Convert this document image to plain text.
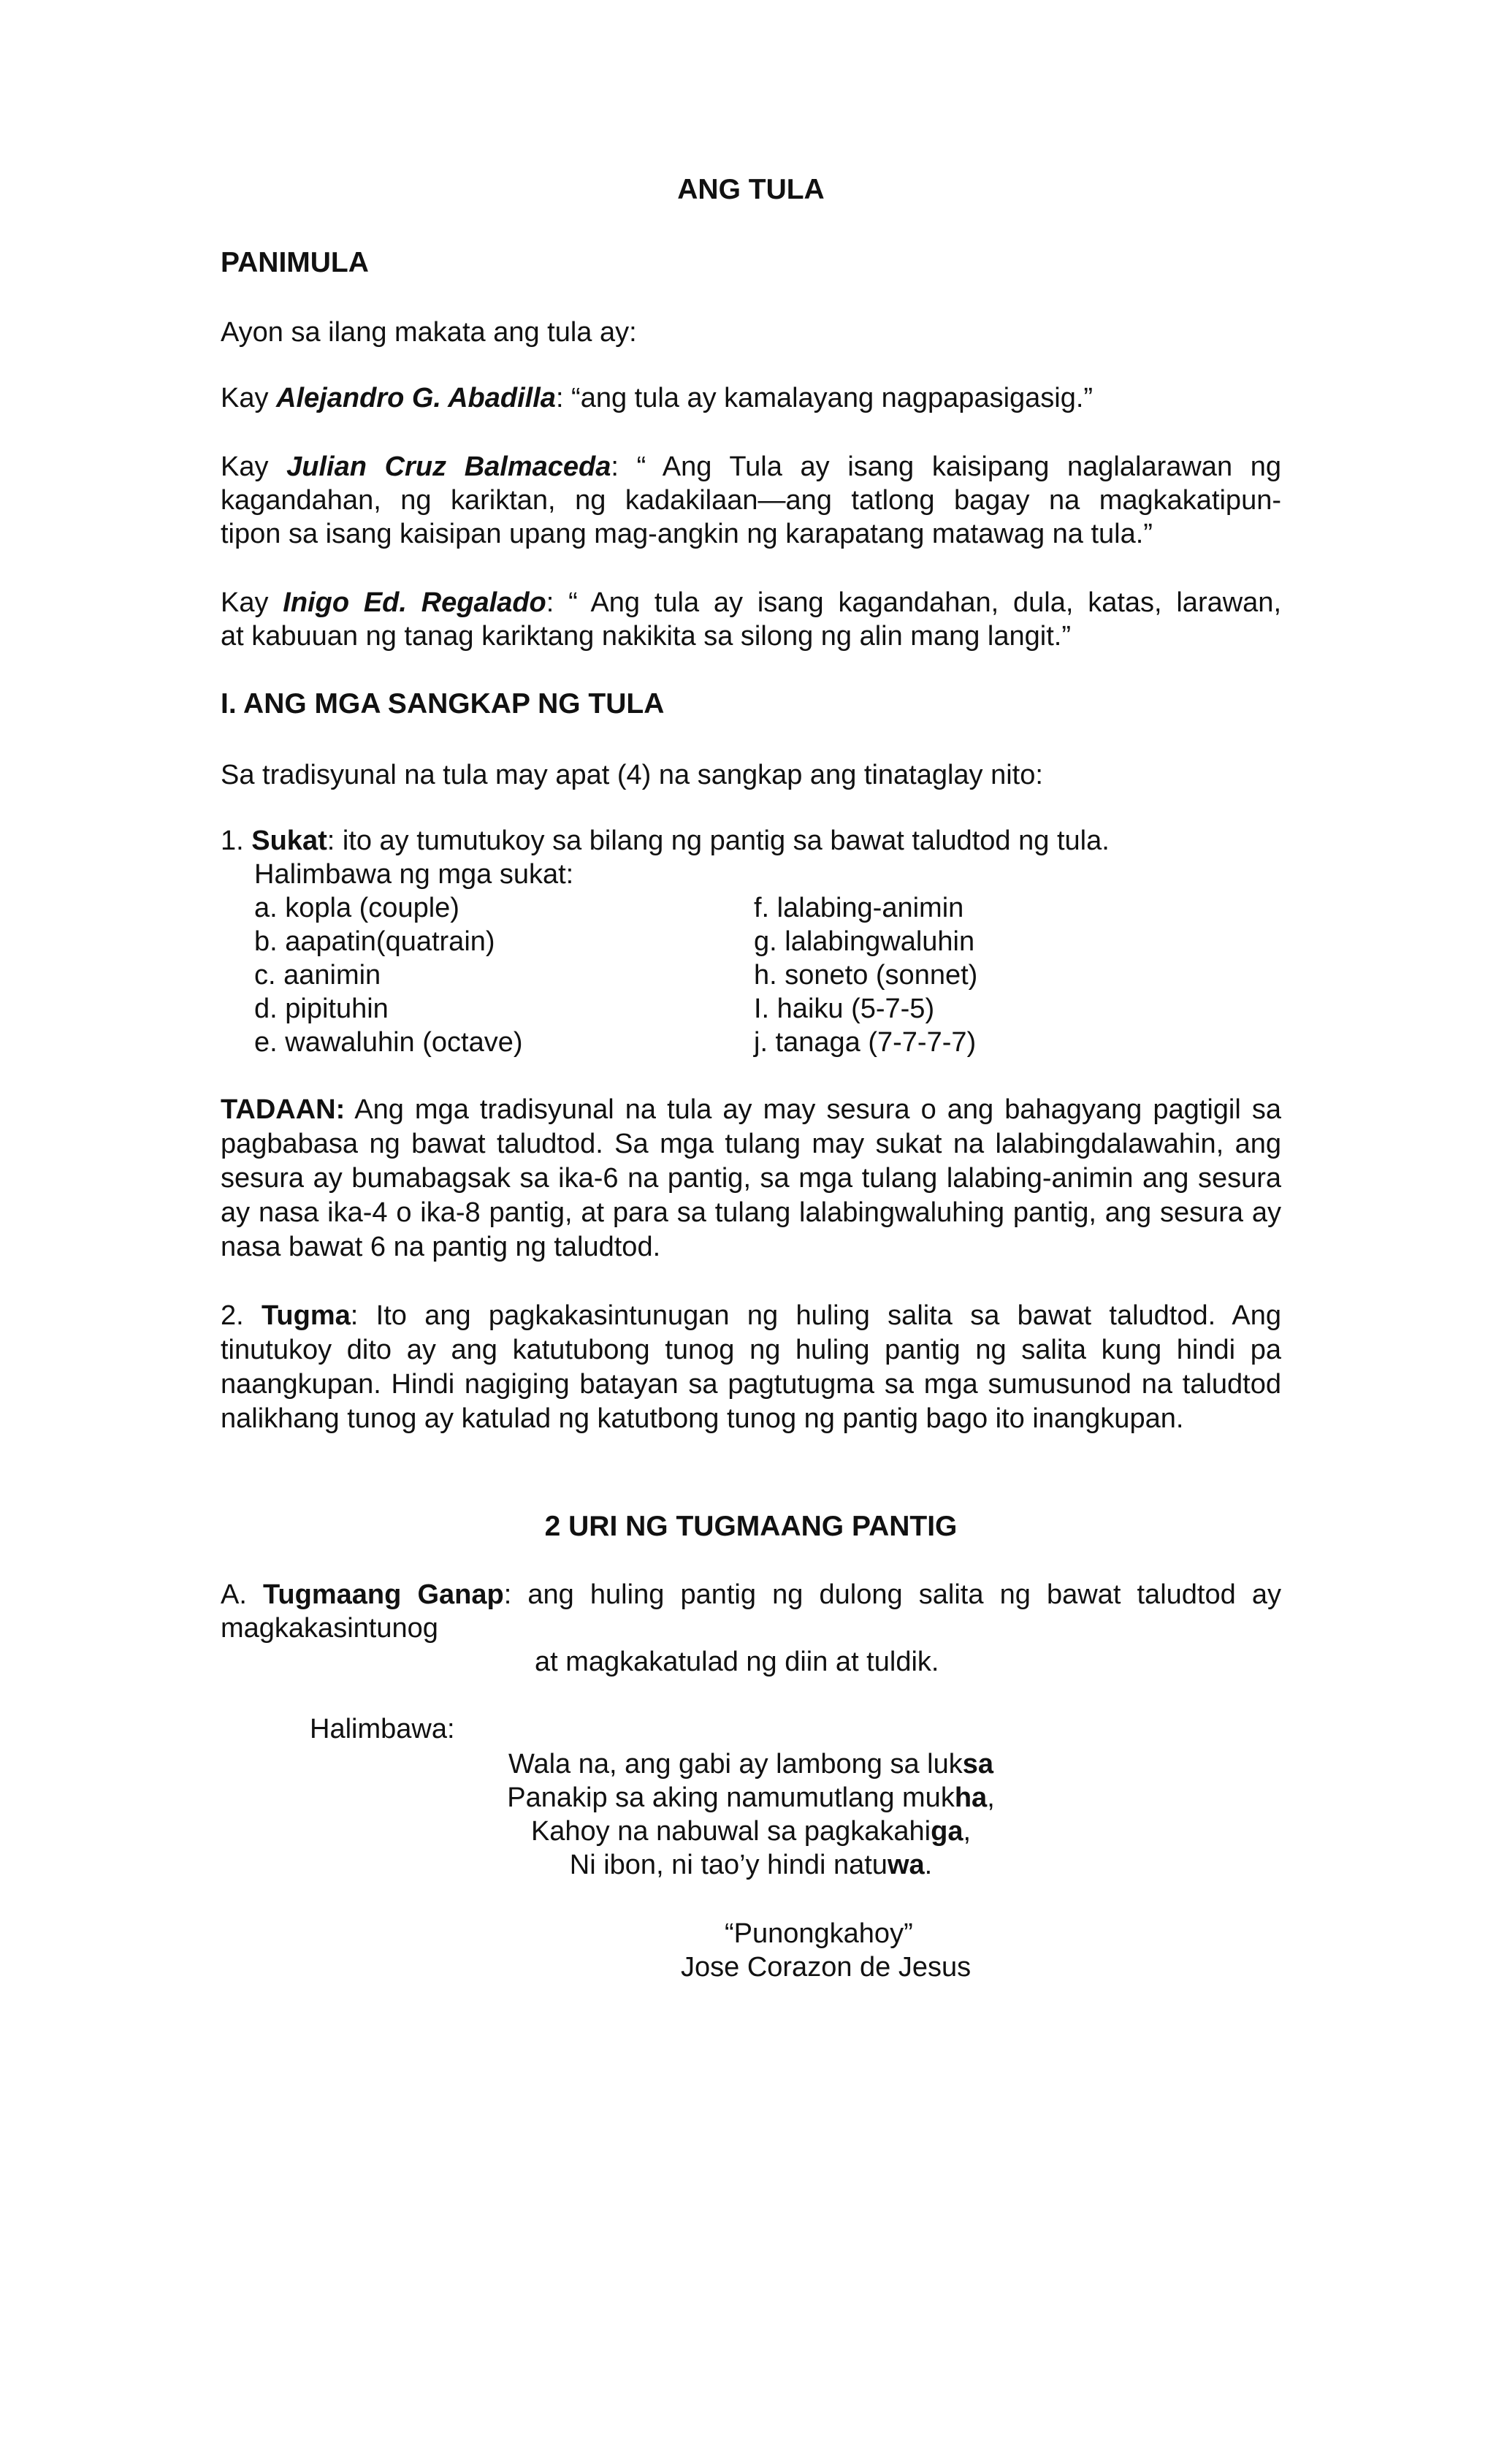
ANG TULA
PANIMULA
Ayon sa ilang makata ang tula ay:
Kay Alejandro G. Abadilla: “ang tula ay kamalayang nagpapasigasig.”
Kay Julian Cruz Balmaceda: “ Ang Tula ay isang kaisipang naglalarawan ng
kagandahan, ng kariktan, ng kadakilaan—ang tatlong bagay na magkakatipun-
tipon sa isang kaisipan upang mag-angkin ng karapatang matawag na tula.”
Kay Inigo Ed. Regalado: “ Ang tula ay isang kagandahan, dula, katas, larawan,
at kabuuan ng tanag kariktang nakikita sa silong ng alin mang langit.”
I. ANG MGA SANGKAP NG TULA
Sa tradisyunal na tula may apat (4) na sangkap ang tinataglay nito:
1. Sukat: ito ay tumutukoy sa bilang ng pantig sa bawat taludtod ng tula.
Halimbawa ng mga sukat:
a. kopla (couple)
b. aapatin(quatrain)
c. aanimin
d. pipituhin
e. wawaluhin (octave)
f. lalabing-animin
g. lalabingwaluhin
h. soneto (sonnet)
I. haiku (5-7-5)
j. tanaga (7-7-7-7)
TADAAN: Ang mga tradisyunal na tula ay may sesura o ang bahagyang pagtigil sa pagbabasa ng bawat taludtod. Sa mga tulang may sukat na lalabingdalawahin, ang sesura ay bumabagsak sa ika-6 na pantig, sa mga tulang lalabing-animin ang sesura ay nasa ika-4 o ika-8 pantig, at para sa tulang lalabingwaluhing pantig, ang sesura ay nasa bawat 6 na pantig ng taludtod.
2. Tugma: Ito ang pagkakasintunugan ng huling salita sa bawat taludtod. Ang tinutukoy dito ay ang katutubong tunog ng huling pantig ng salita kung hindi pa naangkupan. Hindi nagiging batayan sa pagtutugma sa mga sumusunod na taludtod nalikhang tunog ay katulad ng katutbong tunog ng pantig bago ito inangkupan.
2 URI NG TUGMAANG PANTIG
A. Tugmaang Ganap: ang huling pantig ng dulong salita ng bawat taludtod ay
magkakasintunog
at magkakatulad ng diin at tuldik.
Halimbawa:
Wala na, ang gabi ay lambong sa luksa
Panakip sa aking namumutlang mukha,
Kahoy na nabuwal sa pagkakahiga,
Ni ibon, ni tao’y hindi natuwa.
“Punongkahoy”
Jose Corazon de Jesus
